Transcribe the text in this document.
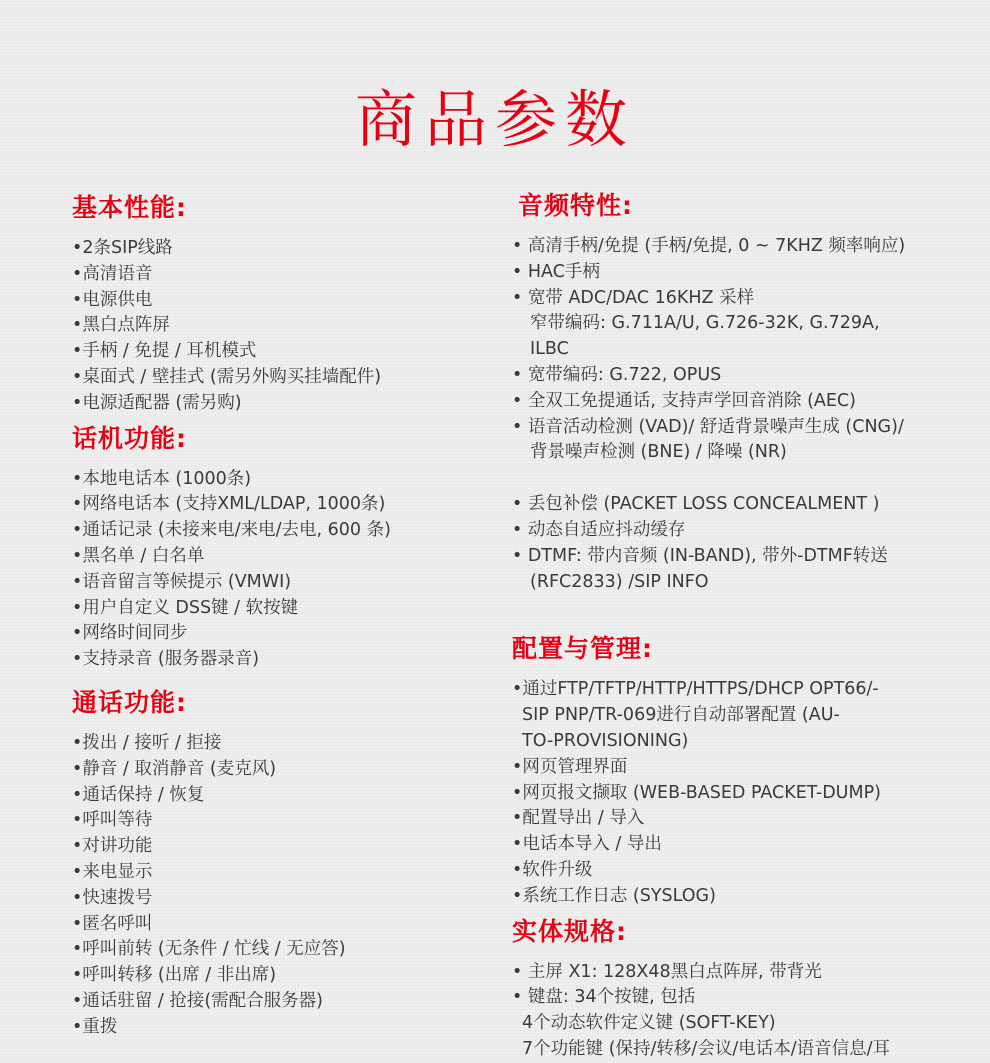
商品参数
基本性能:
•2条SIP线路
•高清语音
•电源供电
•黑白点阵屏
•手柄 / 免提 / 耳机模式
•桌面式 / 壁挂式 (需另外购买挂墙配件)
•电源适配器 (需另购)
话机功能:
•本地电话本 (1000条)
•网络电话本 (支持XML/LDAP, 1000条)
•通话记录 (未接来电/来电/去电, 600 条)
•黑名单 / 白名单
•语音留言等候提示 (VMWI)
•用户自定义 DSS键 / 软按键
•网络时间同步
•支持录音 (服务器录音)
通话功能:
•拨出 / 接听 / 拒接
•静音 / 取消静音 (麦克风)
•通话保持 / 恢复
•呼叫等待
•对讲功能
•来电显示
•快速拨号
•匿名呼叫
•呼叫前转 (无条件 / 忙线 / 无应答)
•呼叫转移 (出席 / 非出席)
•通话驻留 / 抢接(需配合服务器)
•重拨
音频特性:
• 高清手柄/免提 (手柄/免提, 0 ~ 7KHZ 频率响应)
• HAC手柄
• 宽带 ADC/DAC 16KHZ 采样
窄带编码: G.711A/U, G.726-32K, G.729A,
ILBC
• 宽带编码: G.722, OPUS
• 全双工免提通话, 支持声学回音消除 (AEC)
• 语音活动检测 (VAD)/ 舒适背景噪声生成 (CNG)/
背景噪声检测 (BNE) / 降噪 (NR)
• 丢包补偿 (PACKET LOSS CONCEALMENT )
• 动态自适应抖动缓存
• DTMF: 带内音频 (IN-BAND), 带外-DTMF转送
(RFC2833) /SIP INFO
配置与管理:
•通过FTP/TFTP/HTTP/HTTPS/DHCP OPT66/-
SIP PNP/TR-069进行自动部署配置 (AU-
TO-PROVISIONING)
•网页管理界面
•网页报文撷取 (WEB-BASED PACKET-DUMP)
•配置导出 / 导入
•电话本导入 / 导出
•软件升级
•系统工作日志 (SYSLOG)
实体规格:
• 主屏 X1: 128X48黑白点阵屏, 带背光
• 键盘: 34个按键, 包括
4个动态软件定义键 (SOFT-KEY)
7个功能键 (保持/转移/会议/电话本/语音信息/耳
